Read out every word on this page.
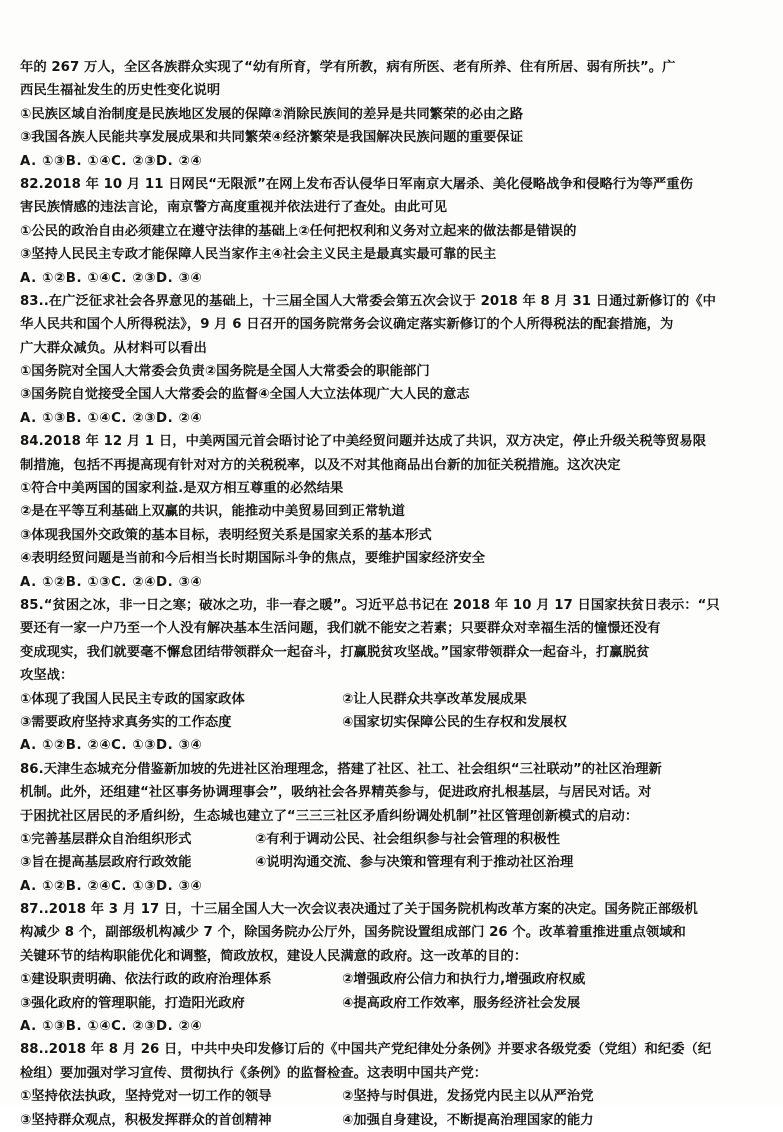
年的 267 万人，全区各族群众实现了“幼有所育，学有所教，病有所医、老有所养、住有所居、弱有所扶”。广
西民生福祉发生的历史性变化说明
①民族区域自治制度是民族地区发展的保障②消除民族间的差异是共同繁荣的必由之路
③我国各族人民能共享发展成果和共同繁荣④经济繁荣是我国解决民族问题的重要保证
A. ①③B. ①④C. ②③D. ②④
82.2018 年 10 月 11 日网民“无限派”在网上发布否认侵华日军南京大屠杀、美化侵略战争和侵略行为等严重伤
害民族情感的违法言论，南京警方高度重视并依法进行了查处。由此可见
①公民的政治自由必须建立在遵守法律的基础上②任何把权利和义务对立起来的做法都是错误的
③坚持人民民主专政才能保障人民当家作主④社会主义民主是最真实最可靠的民主
A. ①②B. ①④C. ②③D. ③④
83..在广泛征求社会各界意见的基础上，十三届全国人大常委会第五次会议于 2018 年 8 月 31 日通过新修订的《中
华人民共和国个人所得税法》，9 月 6 日召开的国务院常务会议确定落实新修订的个人所得税法的配套措施，为
广大群众减负。从材料可以看出
①国务院对全国人大常委会负责②国务院是全国人大常委会的职能部门
③国务院自觉接受全国人大常委会的监督④全国人大立法体现广大人民的意志
A. ①③B. ①④C. ②③D. ②④
84.2018 年 12 月 1 日，中美两国元首会晤讨论了中美经贸问题并达成了共识，双方决定，停止升级关税等贸易限
制措施，包括不再提高现有针对对方的关税税率，以及不对其他商品出台新的加征关税措施。这次决定
①符合中美两国的国家利益.是双方相互尊重的必然结果
②是在平等互利基础上双赢的共识，能推动中美贸易回到正常轨道
③体现我国外交政策的基本目标，表明经贸关系是国家关系的基本形式
④表明经贸问题是当前和今后相当长时期国际斗争的焦点，要维护国家经济安全
A. ①②B. ①③C. ②④D. ③④
85.“贫困之冰，非一日之寒；破冰之功，非一春之暖”。习近平总书记在 2018 年 10 月 17 日国家扶贫日表示：“只
要还有一家一户乃至一个人没有解决基本生活问题，我们就不能安之若素；只要群众对幸福生活的憧憬还没有
变成现实，我们就要毫不懈怠团结带领群众一起奋斗，打赢脱贫攻坚战。”国家带领群众一起奋斗，打赢脱贫
攻坚战：
①体现了我国人民民主专政的国家政体	②让人民群众共享改革发展成果
③需要政府坚持求真务实的工作态度	④国家切实保障公民的生存权和发展权
A. ①②B. ②④C. ①③D. ③④
86.天津生态城充分借鉴新加坡的先进社区治理理念，搭建了社区、社工、社会组织“三社联动”的社区治理新
机制。此外，还组建“社区事务协调理事会”，吸纳社会各界精英参与，促进政府扎根基层，与居民对话。对
于困扰社区居民的矛盾纠纷，生态城也建立了“三三三社区矛盾纠纷调处机制”社区管理创新模式的启动：
①完善基层群众自治组织形式	②有利于调动公民、社会组织参与社会管理的积极性
③旨在提高基层政府行政效能	④说明沟通交流、参与决策和管理有利于推动社区治理
A. ①②B. ②④C. ①③D. ③④
87..2018 年 3 月 17 日，十三届全国人大一次会议表决通过了关于国务院机构改革方案的决定。国务院正部级机
构减少 8 个，副部级机构减少 7 个，除国务院办公厅外，国务院设置组成部门 26 个。改革着重推进重点领域和
关键环节的结构职能优化和调整，简政放权，建设人民满意的政府。这一改革的目的：
①建设职责明确、依法行政的政府治理体系	②增强政府公信力和执行力,增强政府权威
③强化政府的管理职能，打造阳光政府	④提高政府工作效率，服务经济社会发展
A. ①③B. ①④C. ②③D. ②④
88..2018 年 8 月 26 日，中共中央印发修订后的《中国共产党纪律处分条例》并要求各级党委（党组）和纪委（纪
检组）要加强对学习宣传、贯彻执行《条例》的监督检查。这表明中国共产党：
①坚持依法执政，坚持党对一切工作的领导	②坚持与时俱进，发扬党内民主以从严治党
③坚持群众观点，积极发挥群众的首创精神	④加强自身建设，不断提高治理国家的能力
